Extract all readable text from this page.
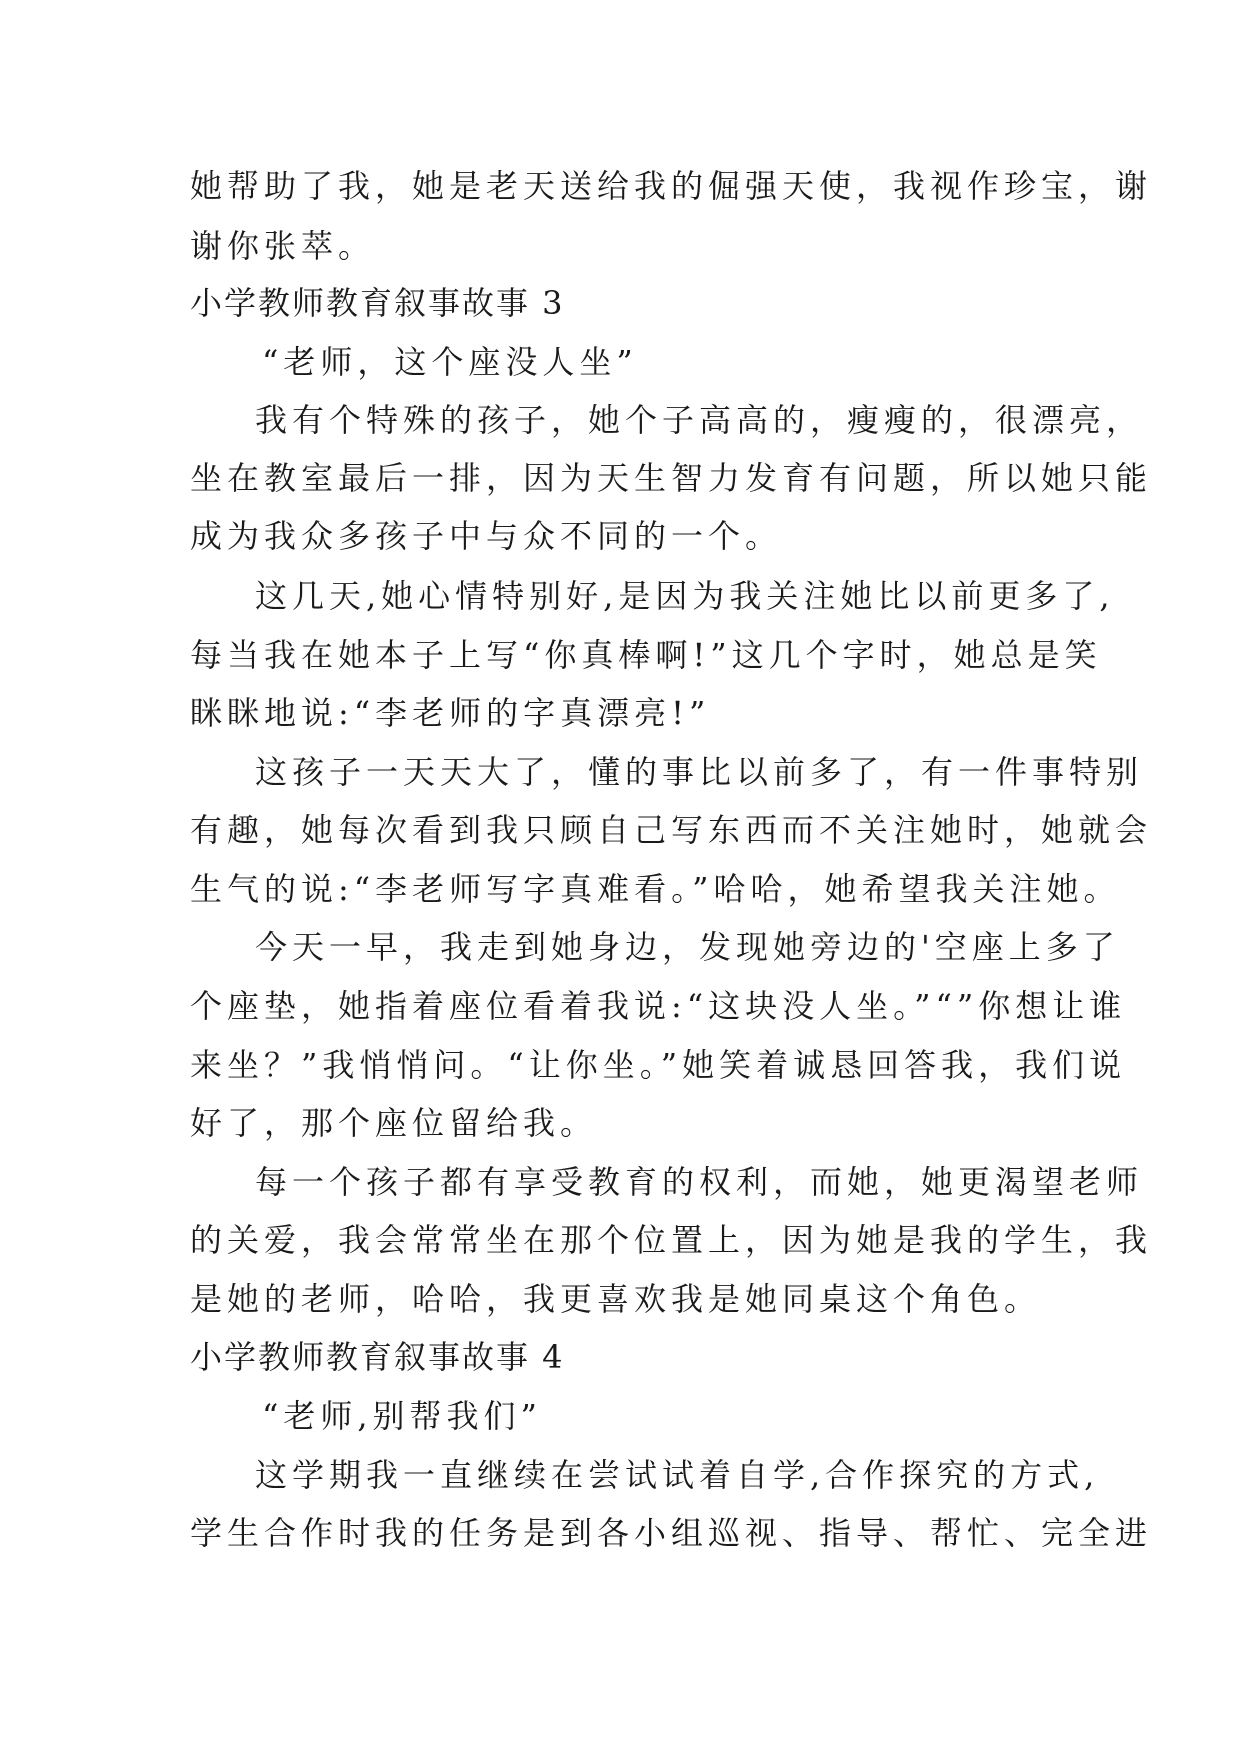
她帮助了我，她是老天送给我的倔强天使，我视作珍宝，谢
谢你张萃。
小学教师教育叙事故事 3
“老师，这个座没人坐”
我有个特殊的孩子，她个子高高的，瘦瘦的，很漂亮，
坐在教室最后一排，因为天生智力发育有问题，所以她只能
成为我众多孩子中与众不同的一个。
这几天,她心情特别好,是因为我关注她比以前更多了,
每当我在她本子上写“你真棒啊!”这几个字时，她总是笑
眯眯地说:“李老师的字真漂亮!”
这孩子一天天大了，懂的事比以前多了，有一件事特别
有趣，她每次看到我只顾自己写东西而不关注她时，她就会
生气的说:“李老师写字真难看。”哈哈，她希望我关注她。
今天一早，我走到她身边，发现她旁边的'空座上多了
个座垫，她指着座位看着我说:“这块没人坐。”“”你想让谁
来坐？”我悄悄问。“让你坐。”她笑着诚恳回答我，我们说
好了，那个座位留给我。
每一个孩子都有享受教育的权利，而她，她更渴望老师
的关爱，我会常常坐在那个位置上，因为她是我的学生，我
是她的老师，哈哈，我更喜欢我是她同桌这个角色。
小学教师教育叙事故事 4
“老师,别帮我们”
这学期我一直继续在尝试试着自学,合作探究的方式,
学生合作时我的任务是到各小组巡视、指导、帮忙、完全进
